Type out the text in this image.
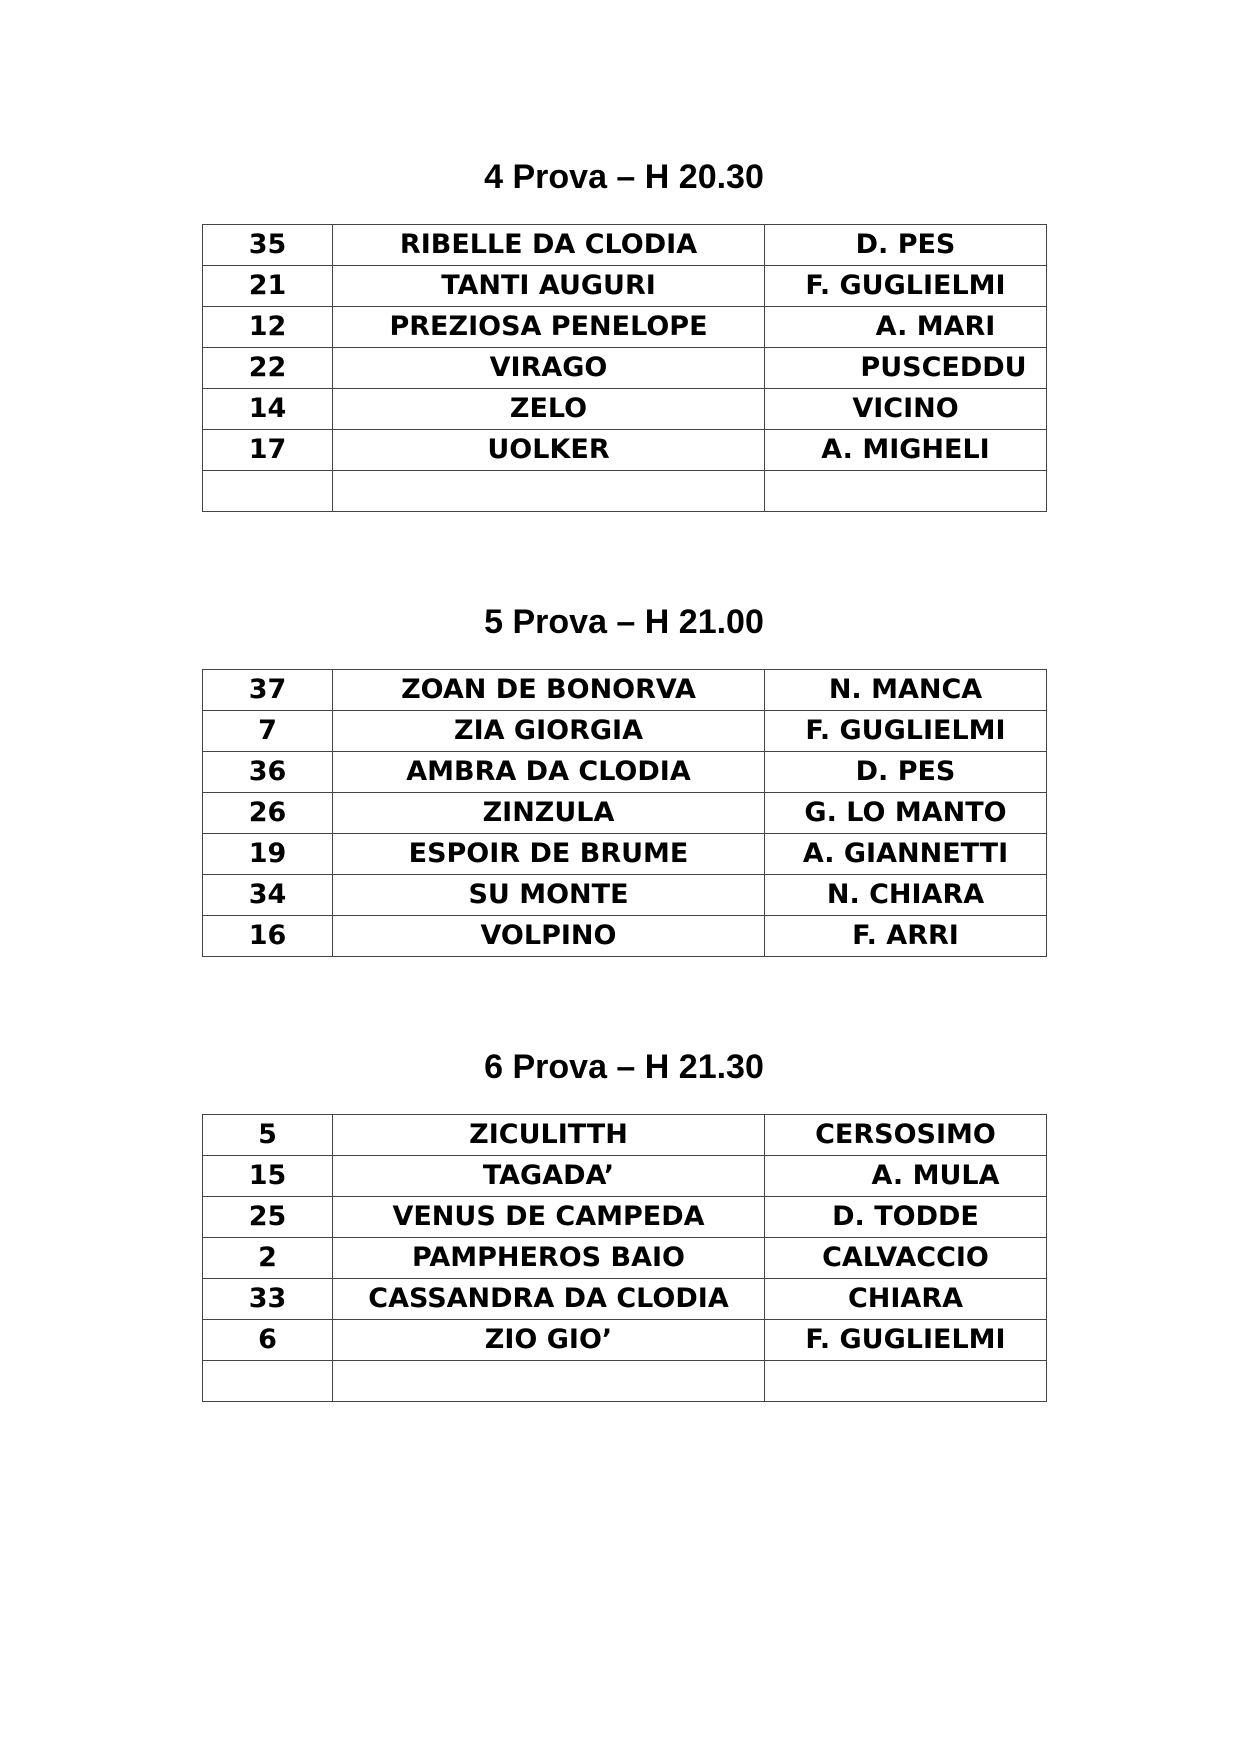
4 Prova – H 20.30
35	RIBELLE DA CLODIA	D. PES
21	TANTI AUGURI	F. GUGLIELMI
12	PREZIOSA PENELOPE	A. MARI
22	VIRAGO	PUSCEDDU
14	ZELO	VICINO
17	UOLKER	A. MIGHELI

5 Prova – H 21.00
37	ZOAN DE BONORVA	N. MANCA
7	ZIA GIORGIA	F. GUGLIELMI
36	AMBRA DA CLODIA	D. PES
26	ZINZULA	G. LO MANTO
19	ESPOIR DE BRUME	A. GIANNETTI
34	SU MONTE	N. CHIARA
16	VOLPINO	F. ARRI
6 Prova – H 21.30
5	ZICULITTH	CERSOSIMO
15	TAGADA’	A. MULA
25	VENUS DE CAMPEDA	D. TODDE
2	PAMPHEROS BAIO	CALVACCIO
33	CASSANDRA DA CLODIA	CHIARA
6	ZIO GIO’	F. GUGLIELMI
